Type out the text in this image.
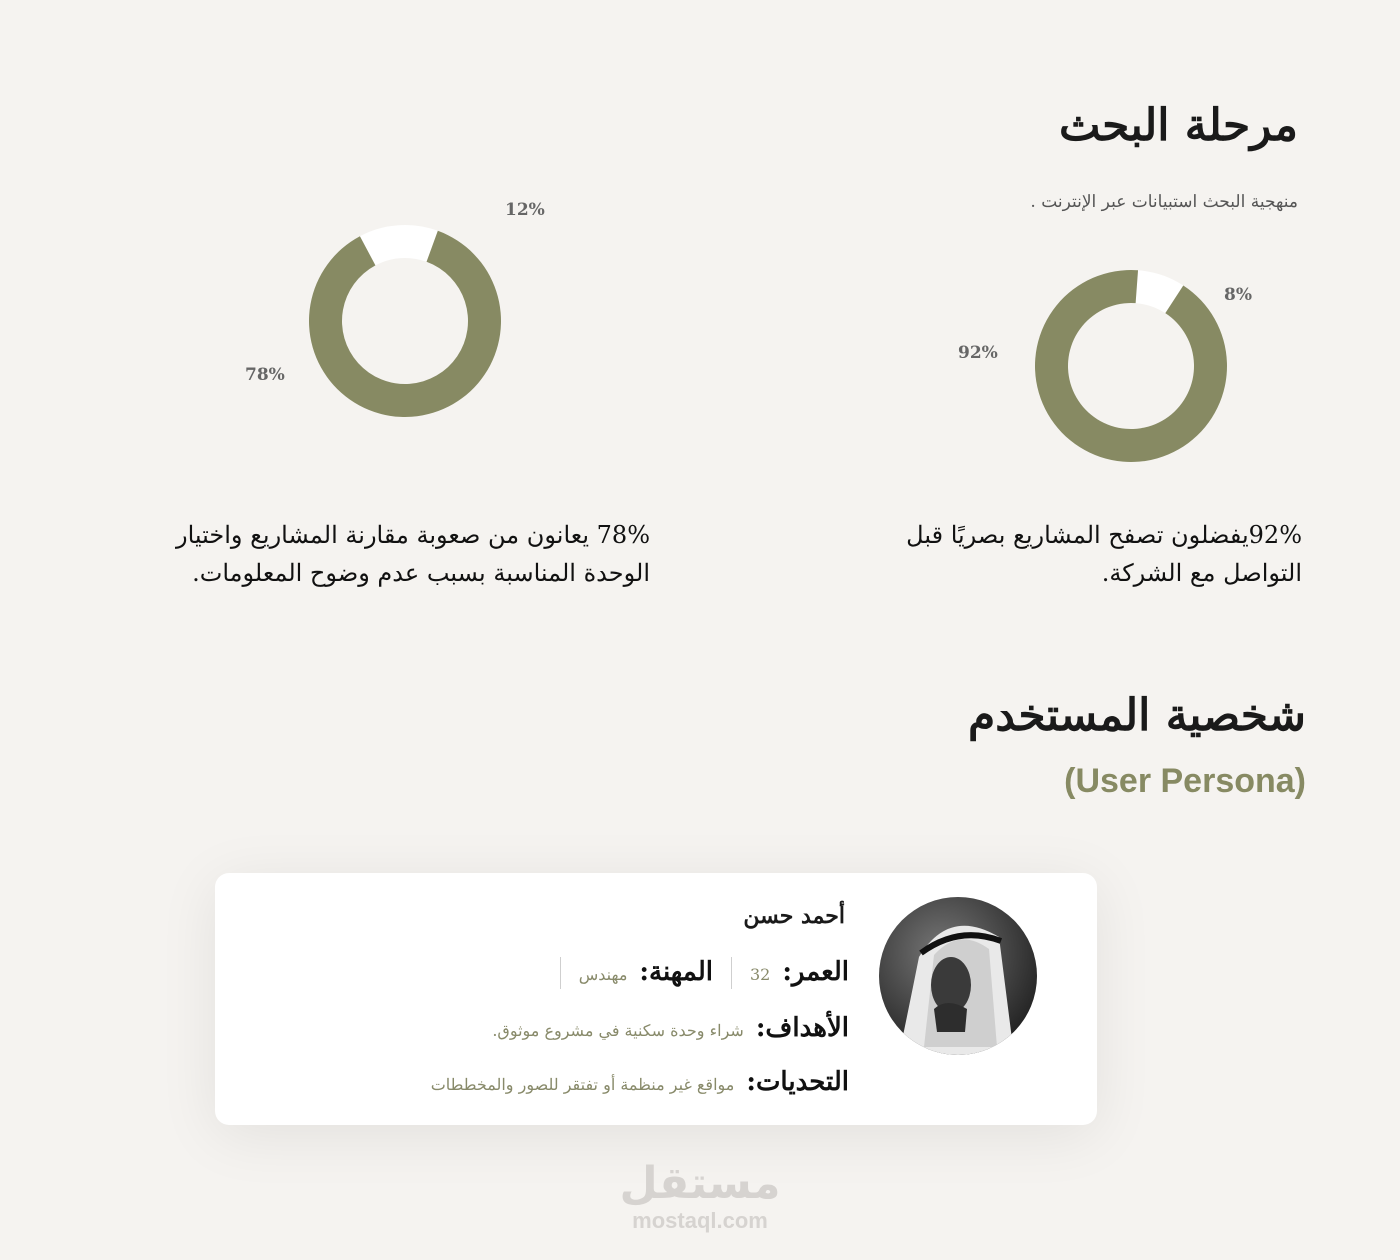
مرحلة البحث
منهجية البحث استبيانات عبر الإنترنت .
92%
8%
78%
12%
92%يفضلون تصفح المشاريع بصريًا قبل التواصل مع الشركة.
78% يعانون من صعوبة مقارنة المشاريع واختيار الوحدة المناسبة بسبب عدم وضوح المعلومات.
شخصية المستخدم
(User Persona)
أحمد حسن
العمر:
32
المهنة:
مهندس
الأهداف:
شراء وحدة سكنية في مشروع موثوق.
التحديات:
مواقع غير منظمة أو تفتقر للصور والمخططات
مستقل
mostaql.com
